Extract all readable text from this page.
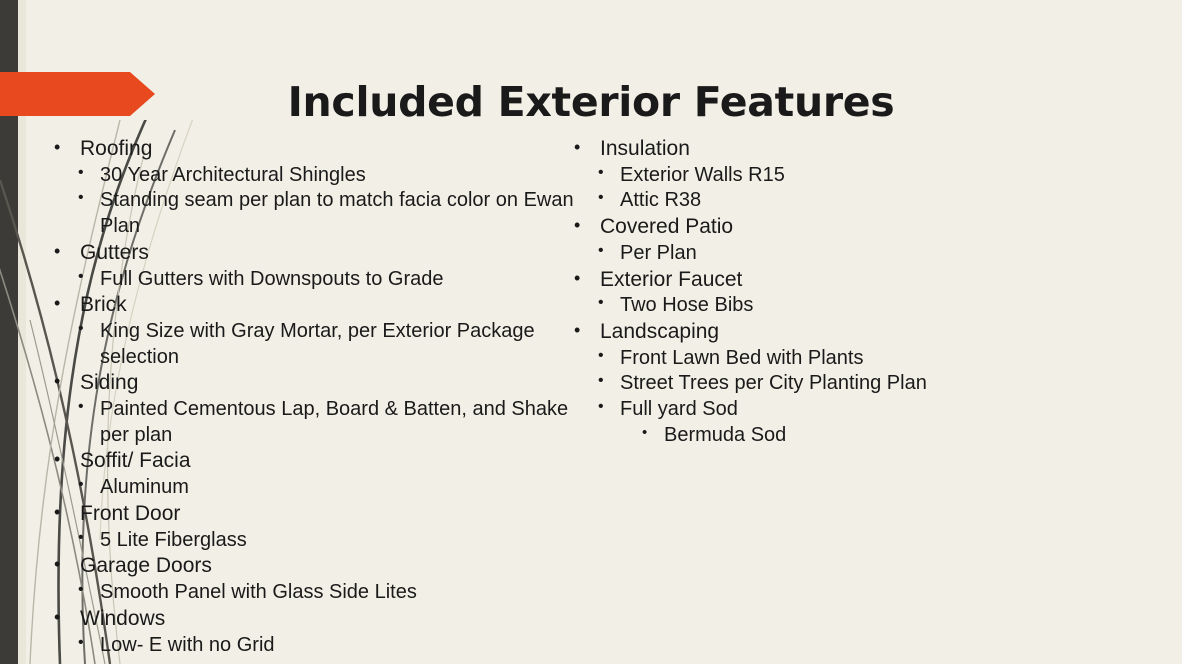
Included Exterior Features
• Roofing
• 30 Year Architectural Shingles
• Standing seam per plan to match facia color on Ewan Plan
• Gutters
• Full Gutters with Downspouts to Grade
• Brick
• King Size with Gray Mortar, per Exterior Package selection
• Siding
• Painted Cementous Lap, Board & Batten, and Shake per plan
• Soffit/ Facia
• Aluminum
• Front Door
• 5 Lite Fiberglass
• Garage Doors
• Smooth Panel with Glass Side Lites
• Windows
• Low- E with no Grid
• Insulation
• Exterior Walls R15
• Attic R38
• Covered Patio
• Per Plan
• Exterior Faucet
• Two Hose Bibs
• Landscaping
• Front Lawn Bed with Plants
• Street Trees per City Planting Plan
• Full yard Sod
• Bermuda Sod
